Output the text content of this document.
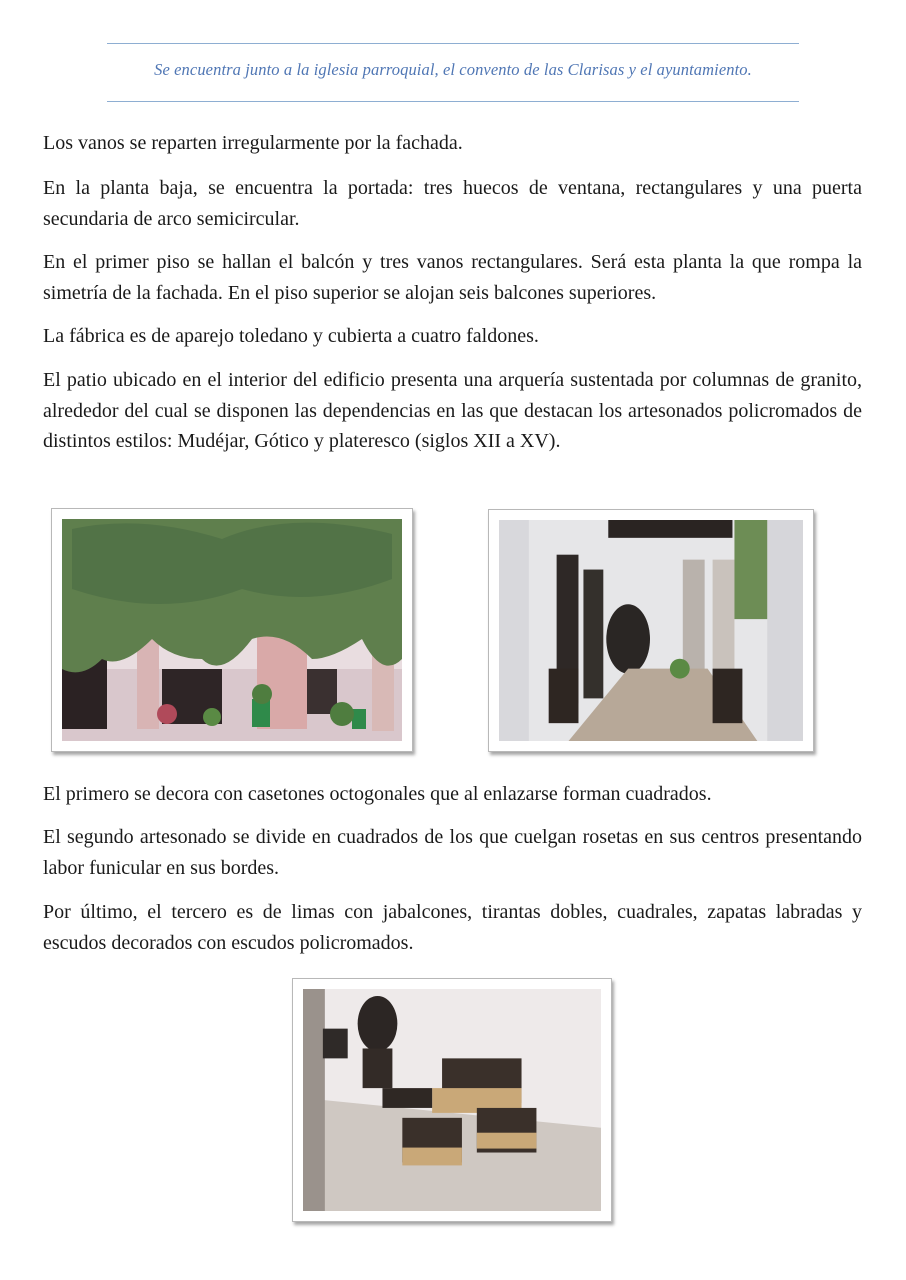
Se encuentra junto a la iglesia parroquial, el convento de las Clarisas y el ayuntamiento.

Los vanos se reparten irregularmente por la fachada.

En la planta baja, se encuentra la portada: tres huecos de ventana, rectangulares y una puerta secundaria de arco semicircular.

En el primer piso se hallan el balcón y tres vanos rectangulares. Será esta planta la que rompa la simetría de la fachada. En el piso superior se alojan seis balcones superiores.

La fábrica es de aparejo toledano y cubierta a cuatro faldones.

El patio ubicado en el interior del edificio presenta una arquería sustentada por columnas de granito, alrededor del cual se disponen las dependencias en las que destacan los artesonados policromados de distintos estilos: Mudéjar, Gótico y plateresco (siglos XII a XV).

El primero se decora con casetones octogonales que al enlazarse forman cuadrados.

El segundo artesonado se divide en cuadrados de los que cuelgan rosetas en sus centros presentando labor funicular en sus bordes.

Por último, el tercero es de limas con jabalcones, tirantas dobles, cuadrales, zapatas labradas y escudos decorados con escudos policromados.
